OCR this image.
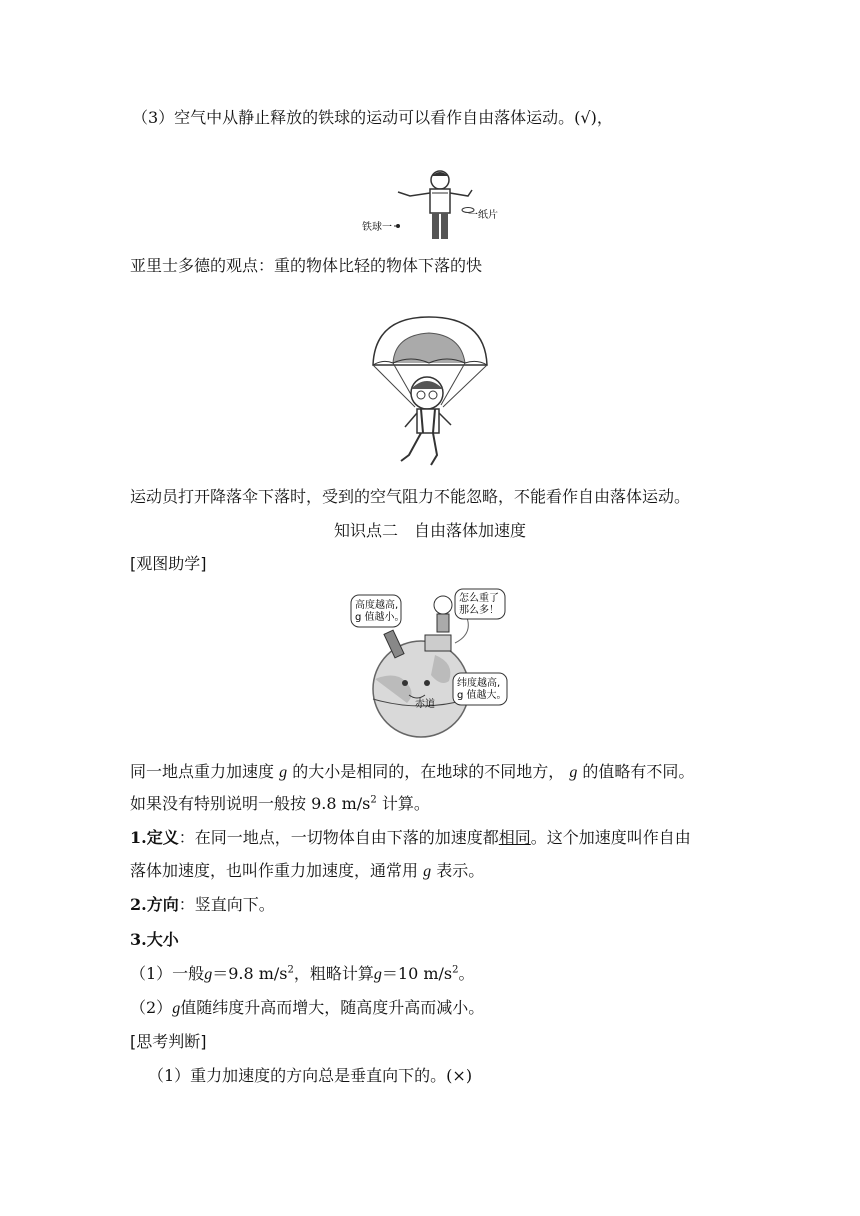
（3）空气中从静止释放的铁球的运动可以看作自由落体运动。(√)，
铁球一
一纸片
亚里士多德的观点：重的物体比轻的物体下落的快
运动员打开降落伞下落时，受到的空气阻力不能忽略，不能看作自由落体运动。
知识点二　自由落体加速度
[观图助学]
赤道
高度越高,
g 值越小。
怎么重了
那么多！
纬度越高,
g 值越大。
同一地点重力加速度 g 的大小是相同的，在地球的不同地方， g 的值略有不同。
如果没有特别说明一般按 9.8 $m/s^2$ 计算。
1.定义：在同一地点，一切物体自由下落的加速度都相同。这个加速度叫作自由
落体加速度，也叫作重力加速度，通常用 g 表示。
2.方向：竖直向下。
3.大小
（1）一般g＝9.8 $m/s^2$，粗略计算g＝10 $m/s^2$。
（2）g值随纬度升高而增大，随高度升高而减小。
[思考判断]
（1）重力加速度的方向总是垂直向下的。(×)
